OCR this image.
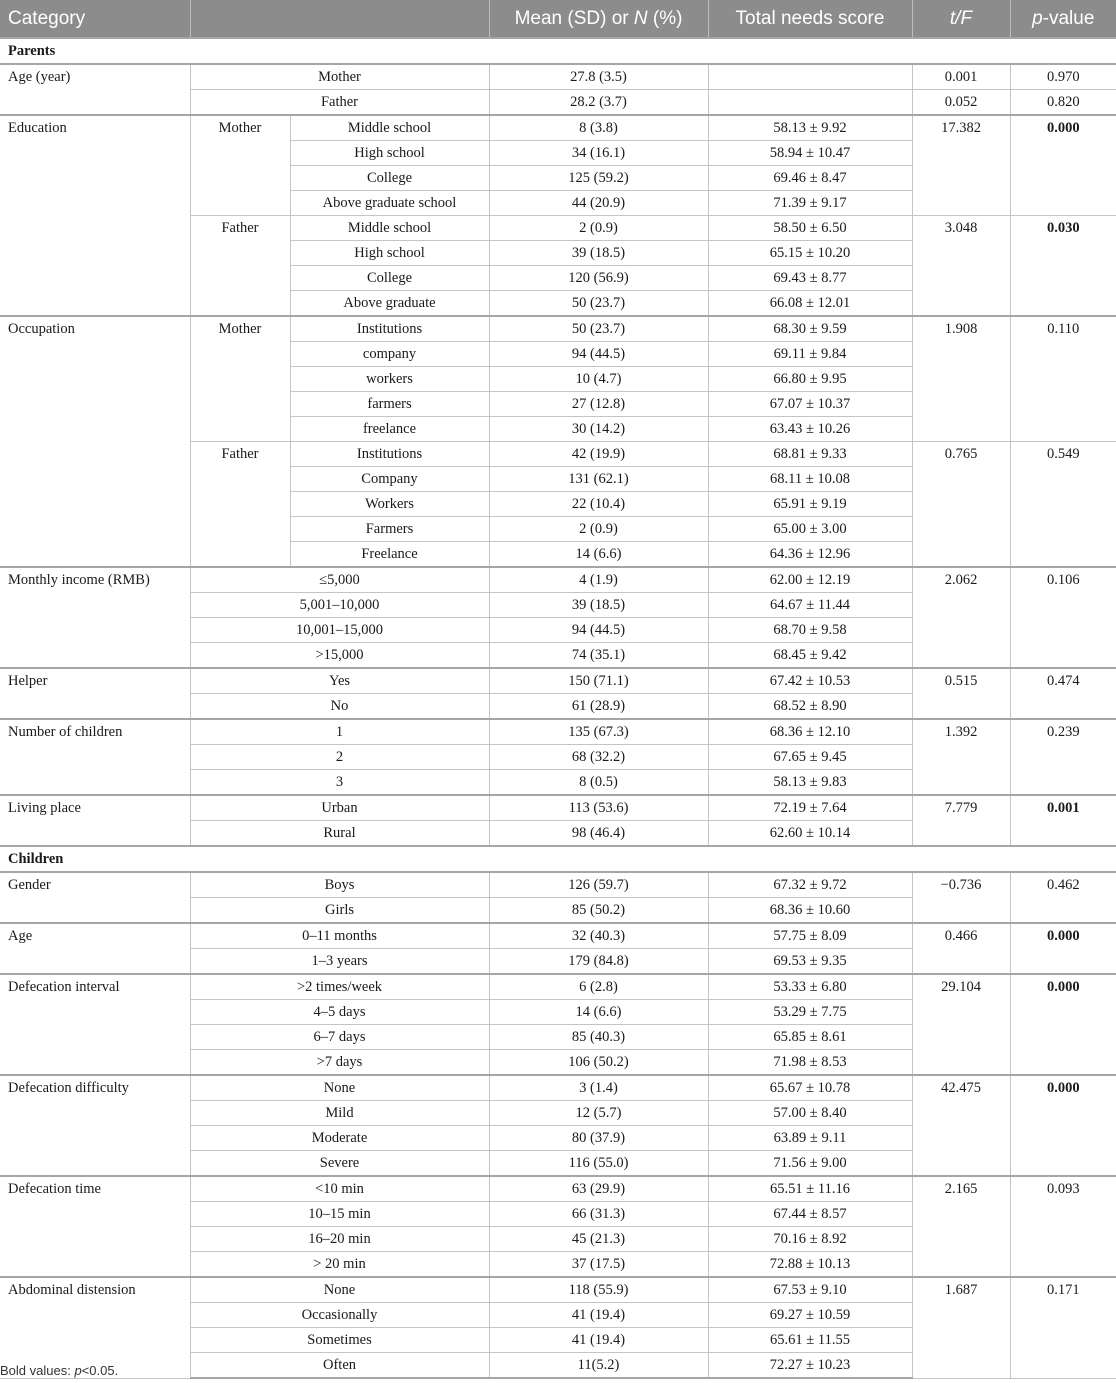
Category			Mean (SD) or N (%)	Total needs score	t/F	p-value
Parents						
Age (year)	Mother		27.8 (3.5)		0.001	0.970
	Father		28.2 (3.7)		0.052	0.820
Education	Mother	Middle school	8 (3.8)	58.13 ± 9.92	17.382	0.000
		High school	34 (16.1)	58.94 ± 10.47		
		College	125 (59.2)	69.46 ± 8.47		
		Above graduate school	44 (20.9)	71.39 ± 9.17		
	Father	Middle school	2 (0.9)	58.50 ± 6.50	3.048	0.030
		High school	39 (18.5)	65.15 ± 10.20		
		College	120 (56.9)	69.43 ± 8.77		
		Above graduate	50 (23.7)	66.08 ± 12.01		
Occupation	Mother	Institutions	50 (23.7)	68.30 ± 9.59	1.908	0.110
		company	94 (44.5)	69.11 ± 9.84		
		workers	10 (4.7)	66.80 ± 9.95		
		farmers	27 (12.8)	67.07 ± 10.37		
		freelance	30 (14.2)	63.43 ± 10.26		
	Father	Institutions	42 (19.9)	68.81 ± 9.33	0.765	0.549
		Company	131 (62.1)	68.11 ± 10.08		
		Workers	22 (10.4)	65.91 ± 9.19		
		Farmers	2 (0.9)	65.00 ± 3.00		
		Freelance	14 (6.6)	64.36 ± 12.96		
Monthly income (RMB)	≤5,000		4 (1.9)	62.00 ± 12.19	2.062	0.106
	5,001–10,000		39 (18.5)	64.67 ± 11.44		
	10,001–15,000		94 (44.5)	68.70 ± 9.58		
	>15,000		74 (35.1)	68.45 ± 9.42		
Helper	Yes		150 (71.1)	67.42 ± 10.53	0.515	0.474
	No		61 (28.9)	68.52 ± 8.90		
Number of children	1		135 (67.3)	68.36 ± 12.10	1.392	0.239
	2		68 (32.2)	67.65 ± 9.45		
	3		8 (0.5)	58.13 ± 9.83		
Living place	Urban		113 (53.6)	72.19 ± 7.64	7.779	0.001
	Rural		98 (46.4)	62.60 ± 10.14		
Children						
Gender	Boys		126 (59.7)	67.32 ± 9.72	−0.736	0.462
	Girls		85 (50.2)	68.36 ± 10.60		
Age	0–11 months		32 (40.3)	57.75 ± 8.09	0.466	0.000
	1–3 years		179 (84.8)	69.53 ± 9.35		
Defecation interval	>2 times/week		6 (2.8)	53.33 ± 6.80	29.104	0.000
	4–5 days		14 (6.6)	53.29 ± 7.75		
	6–7 days		85 (40.3)	65.85 ± 8.61		
	>7 days		106 (50.2)	71.98 ± 8.53		
Defecation difficulty	None		3 (1.4)	65.67 ± 10.78	42.475	0.000
	Mild		12 (5.7)	57.00 ± 8.40		
	Moderate		80 (37.9)	63.89 ± 9.11		
	Severe		116 (55.0)	71.56 ± 9.00		
Defecation time	<10 min		63 (29.9)	65.51 ± 11.16	2.165	0.093
	10–15 min		66 (31.3)	67.44 ± 8.57		
	16–20 min		45 (21.3)	70.16 ± 8.92		
	> 20 min		37 (17.5)	72.88 ± 10.13		
Abdominal distension	None		118 (55.9)	67.53 ± 9.10	1.687	0.171
	Occasionally		41 (19.4)	69.27 ± 10.59		
	Sometimes		41 (19.4)	65.61 ± 11.55		
	Often		11(5.2)	72.27 ± 10.23		
Bold values: p<0.05.
